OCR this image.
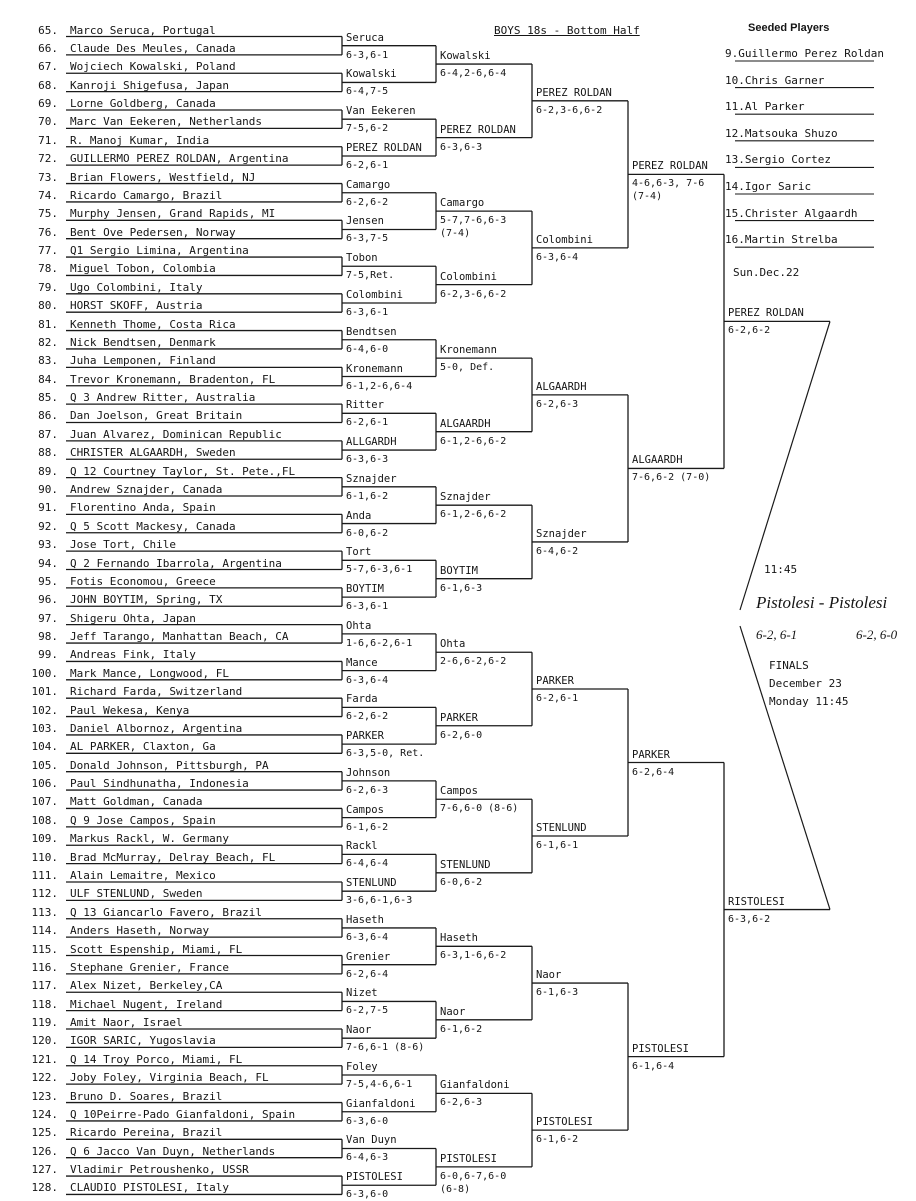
BOYS 18s - Bottom Half	Seeded Players
9.Guillermo Perez Roldan
10.Chris Garner
11.Al Parker
12.Matsouka Shuzo
13.Sergio Cortez
14.Igor Saric
15.Christer Algaardh
16.Martin Strelba
Sun.Dec.22
11:45
Pistolesi - Pistolesi
6-2, 6-1	6-2, 6-0
FINALS
December 23
Monday 11:45
65. Marco Seruca, Portugal
66. Claude Des Meules, Canada
67. Wojciech Kowalski, Poland
68. Kanroji Shigefusa, Japan
69. Lorne Goldberg, Canada
70. Marc Van Eekeren, Netherlands
71. R. Manoj Kumar, India
72. GUILLERMO PEREZ ROLDAN, Argentina
73. Brian Flowers, Westfield, NJ
74. Ricardo Camargo, Brazil
75. Murphy Jensen, Grand Rapids, MI
76. Bent Ove Pedersen, Norway
77. Q1 Sergio Limina, Argentina
78. Miguel Tobon, Colombia
79. Ugo Colombini, Italy
80. HORST SKOFF, Austria
81. Kenneth Thome, Costa Rica
82. Nick Bendtsen, Denmark
83. Juha Lemponen, Finland
84. Trevor Kronemann, Bradenton, FL
85. Q 3 Andrew Ritter, Australia
86. Dan Joelson, Great Britain
87. Juan Alvarez, Dominican Republic
88. CHRISTER ALGAARDH, Sweden
89. Q 12 Courtney Taylor, St. Pete.,FL
90. Andrew Sznajder, Canada
91. Florentino Anda, Spain
92. Q 5 Scott Mackesy, Canada
93. Jose Tort, Chile
94. Q 2 Fernando Ibarrola, Argentina
95. Fotis Economou, Greece
96. JOHN BOYTIM, Spring, TX
97. Shigeru Ohta, Japan
98. Jeff Tarango, Manhattan Beach, CA
99. Andreas Fink, Italy
100. Mark Mance, Longwood, FL
101. Richard Farda, Switzerland
102. Paul Wekesa, Kenya
103. Daniel Albornoz, Argentina
104. AL PARKER, Claxton, Ga
105. Donald Johnson, Pittsburgh, PA
106. Paul Sindhunatha, Indonesia
107. Matt Goldman, Canada
108. Q 9 Jose Campos, Spain
109. Markus Rackl, W. Germany
110. Brad McMurray, Delray Beach, FL
111. Alain Lemaitre, Mexico
112. ULF STENLUND, Sweden
113. Q 13 Giancarlo Favero, Brazil
114. Anders Haseth, Norway
115. Scott Espenship, Miami, FL
116. Stephane Grenier, France
117. Alex Nizet, Berkeley,CA
118. Michael Nugent, Ireland
119. Amit Naor, Israel
120. IGOR SARIC, Yugoslavia
121. Q 14 Troy Porco, Miami, FL
122. Joby Foley, Virginia Beach, FL
123. Bruno D. Soares, Brazil
124. Q 10Peirre-Pado Gianfaldoni, Spain
125. Ricardo Pereina, Brazil
126. Q 6 Jacco Van Duyn, Netherlands
127. Vladimir Petroushenko, USSR
128. CLAUDIO PISTOLESI, Italy
Seruca
6-3,6-1
Kowalski
6-4,7-5
Van Eekeren
7-5,6-2
PEREZ ROLDAN
6-2,6-1
Camargo
6-2,6-2
Jensen
6-3,7-5
Tobon
7-5,Ret.
Colombini
6-3,6-1
Bendtsen
6-4,6-0
Kronemann
6-1,2-6,6-4
Ritter
6-2,6-1
ALLGARDH
6-3,6-3
Sznajder
6-1,6-2
Anda
6-0,6-2
Tort
5-7,6-3,6-1
BOYTIM
6-3,6-1
Ohta
1-6,6-2,6-1
Mance
6-3,6-4
Farda
6-2,6-2
PARKER
6-3,5-0, Ret.
Johnson
6-2,6-3
Campos
6-1,6-2
Rackl
6-4,6-4
STENLUND
3-6,6-1,6-3
Haseth
6-3,6-4
Grenier
6-2,6-4
Nizet
6-2,7-5
Naor
7-6,6-1 (8-6)
Foley
7-5,4-6,6-1
Gianfaldoni
6-3,6-0
Van Duyn
6-4,6-3
PISTOLESI
6-3,6-0
Kowalski
6-4,2-6,6-4
PEREZ ROLDAN
6-3,6-3
Camargo
5-7,7-6,6-3 (7-4)
Colombini
6-2,3-6,6-2
Kronemann
5-0, Def.
ALGAARDH
6-1,2-6,6-2
Sznajder
6-1,2-6,6-2
BOYTIM
6-1,6-3
Ohta
2-6,6-2,6-2
PARKER
6-2,6-0
Campos
7-6,6-0 (8-6)
STENLUND
6-0,6-2
Haseth
6-3,1-6,6-2
Naor
6-1,6-2
Gianfaldoni
6-2,6-3
PISTOLESI
6-0,6-7,6-0 (6-8)
PEREZ ROLDAN
6-2,3-6,6-2
Colombini
6-3,6-4
ALGAARDH
6-2,6-3
Sznajder
6-4,6-2
PARKER
6-2,6-1
STENLUND
6-1,6-1
Naor
6-1,6-3
PISTOLESI
6-1,6-2
PEREZ ROLDAN
4-6,6-3, 7-6 (7-4)
ALGAARDH
7-6,6-2 (7-0)
PARKER
6-2,6-4
PISTOLESI
6-1,6-4
PEREZ ROLDAN
6-2,6-2
RISTOLESI
6-3,6-2
